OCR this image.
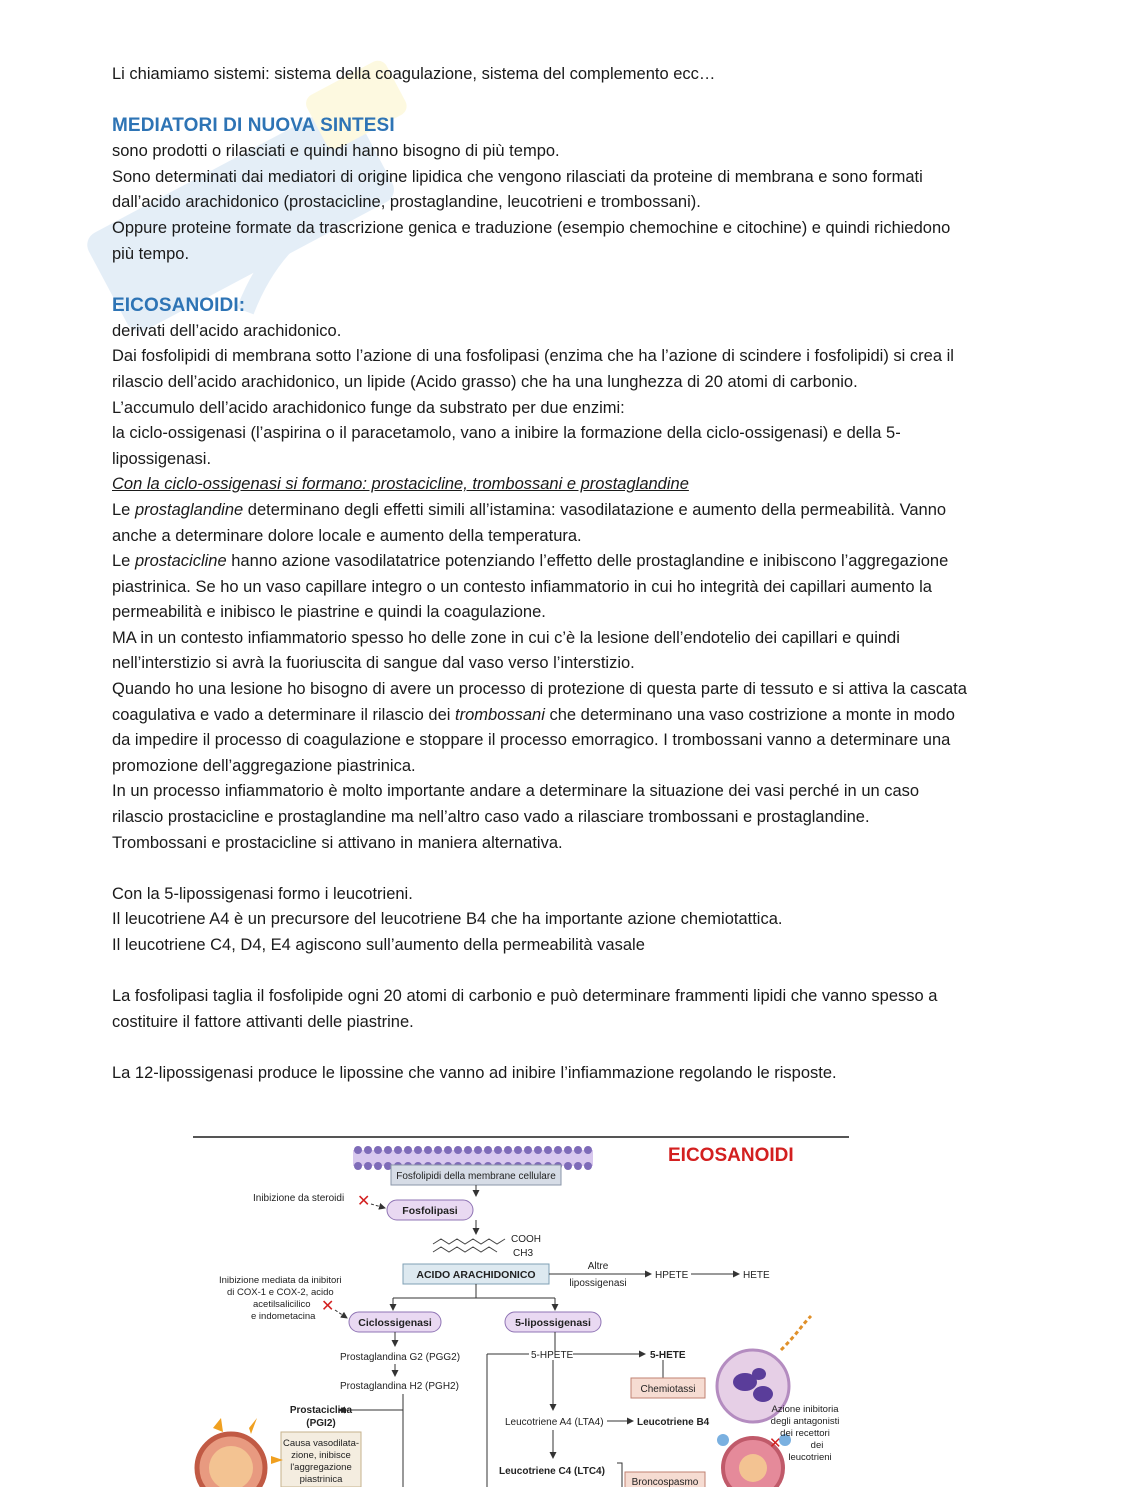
Li chiamiamo sistemi: sistema della coagulazione, sistema del complemento ecc…

MEDIATORI DI NUOVA SINTESI

sono prodotti o rilasciati e quindi hanno bisogno di più tempo.

Sono determinati dai mediatori di origine lipidica che vengono rilasciati da proteine di membrana e sono formati

dall’acido arachidonico (prostacicline, prostaglandine, leucotrieni e trombossani).

Oppure proteine formate da trascrizione genica e traduzione (esempio chemochine e citochine) e quindi richiedono

più tempo.

EICOSANOIDI:

derivati dell’acido arachidonico.

Dai fosfolipidi di membrana sotto l’azione di una fosfolipasi (enzima che ha l’azione di scindere i fosfolipidi) si crea il

rilascio dell’acido arachidonico, un lipide (Acido grasso) che ha una lunghezza di 20 atomi di carbonio.

L’accumulo dell’acido arachidonico funge da substrato per due enzimi:

la ciclo-ossigenasi (l’aspirina o il paracetamolo, vano a inibire la formazione della ciclo-ossigenasi) e della 5-

lipossigenasi.

Con la ciclo-ossigenasi si formano: prostacicline, trombossani e prostaglandine

Le prostaglandine determinano degli effetti simili all’istamina: vasodilatazione e aumento della permeabilità. Vanno

anche a determinare dolore locale e aumento della temperatura.

Le prostacicline hanno azione vasodilatatrice potenziando l’effetto delle prostaglandine e inibiscono l’aggregazione

piastrinica. Se ho un vaso capillare integro o un contesto infiammatorio in cui ho integrità dei capillari aumento la

permeabilità e inibisco le piastrine e quindi la coagulazione.

MA in un contesto infiammatorio spesso ho delle zone in cui c’è la lesione dell’endotelio dei capillari e quindi

nell’interstizio si avrà la fuoriuscita di sangue dal vaso verso l’interstizio.

Quando ho una lesione ho bisogno di avere un processo di protezione di questa parte di tessuto e si attiva la cascata

coagulativa e vado a determinare il rilascio dei trombossani che determinano una vaso costrizione a monte in modo

da impedire il processo di coagulazione e stoppare il processo emorragico. I trombossani vanno a determinare una

promozione dell’aggregazione piastrinica.

In un processo infiammatorio è molto importante andare a determinare la situazione dei vasi perché in un caso

rilascio prostacicline e prostaglandine ma nell’altro caso vado a rilasciare trombossani e prostaglandine.

Trombossani e prostacicline si attivano in maniera alternativa.

Con la 5-lipossigenasi formo i leucotrieni.

Il leucotriene A4 è un precursore del leucotriene B4 che ha importante azione chemiotattica.

Il leucotriene C4, D4, E4 agiscono sull’aumento della permeabilità vasale

La fosfolipasi taglia il fosfolipide ogni 20 atomi di carbonio e può determinare frammenti lipidi che vanno spesso a

costituire il fattore attivanti delle piastrine.

La 12-lipossigenasi produce le lipossine che vanno ad inibire l’infiammazione regolando le risposte.

Fosfolipidi della membrane cellulare
EICOSANOIDI
Inibizione da steroidi ✕
Fosfolipasi
COOH
CH3
ACIDO ARACHIDONICO
Altre
lipossigenasi
HPETE	HETE
Inibizione mediata da inibitori
di COX-1 e COX-2, acido
acetilsalicilico
e indometacina
✕
Ciclossigenasi	5-lipossigenasi
Prostaglandina G2 (PGG2)
Prostaglandina H2 (PGH2)
Prostaciclina
(PGI2)
Causa vasodilata-
zione, inibisce
l'aggregazione
piastrinica
5-HPETE	5-HETE
Chemiotassi
Leucotriene A4 (LTA4)	Leucotriene B4
Leucotriene C4 (LTC4)
Broncospasmo
Azione inibitoria
degli antagonisti
dei recettori
dei
leucotrieni
✕
